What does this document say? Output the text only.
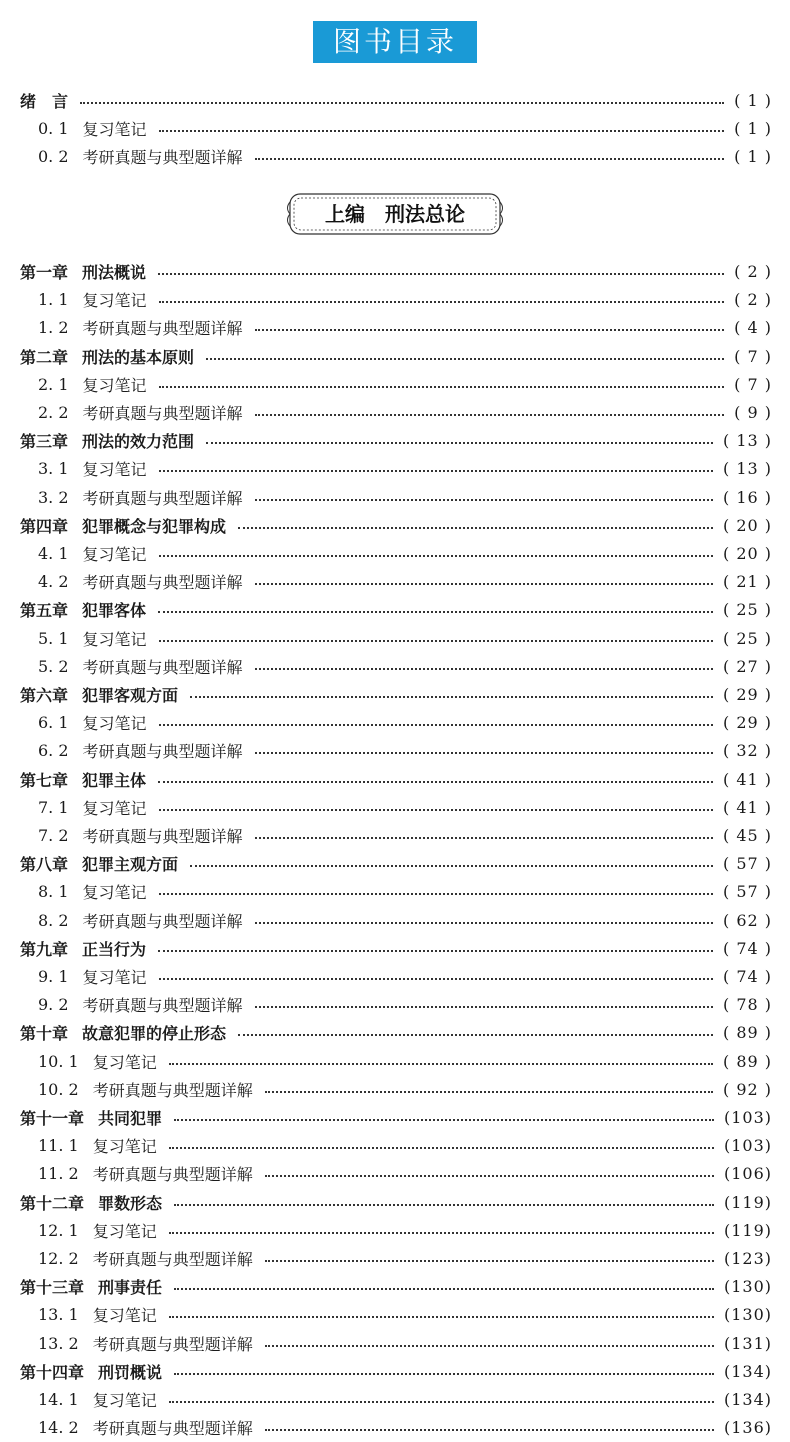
图书目录
上编　刑法总论
绪　言	( 1 )
0. 1 复习笔记	( 1 )
0. 2 考研真题与典型题详解	( 1 )
第一章 刑法概说	( 2 )
1. 1 复习笔记	( 2 )
1. 2 考研真题与典型题详解	( 4 )
第二章 刑法的基本原则	( 7 )
2. 1 复习笔记	( 7 )
2. 2 考研真题与典型题详解	( 9 )
第三章 刑法的效力范围	( 13 )
3. 1 复习笔记	( 13 )
3. 2 考研真题与典型题详解	( 16 )
第四章 犯罪概念与犯罪构成	( 20 )
4. 1 复习笔记	( 20 )
4. 2 考研真题与典型题详解	( 21 )
第五章 犯罪客体	( 25 )
5. 1 复习笔记	( 25 )
5. 2 考研真题与典型题详解	( 27 )
第六章 犯罪客观方面	( 29 )
6. 1 复习笔记	( 29 )
6. 2 考研真题与典型题详解	( 32 )
第七章 犯罪主体	( 41 )
7. 1 复习笔记	( 41 )
7. 2 考研真题与典型题详解	( 45 )
第八章 犯罪主观方面	( 57 )
8. 1 复习笔记	( 57 )
8. 2 考研真题与典型题详解	( 62 )
第九章 正当行为	( 74 )
9. 1 复习笔记	( 74 )
9. 2 考研真题与典型题详解	( 78 )
第十章 故意犯罪的停止形态	( 89 )
10. 1 复习笔记	( 89 )
10. 2 考研真题与典型题详解	( 92 )
第十一章 共同犯罪	(103)
11. 1 复习笔记	(103)
11. 2 考研真题与典型题详解	(106)
第十二章 罪数形态	(119)
12. 1 复习笔记	(119)
12. 2 考研真题与典型题详解	(123)
第十三章 刑事责任	(130)
13. 1 复习笔记	(130)
13. 2 考研真题与典型题详解	(131)
第十四章 刑罚概说	(134)
14. 1 复习笔记	(134)
14. 2 考研真题与典型题详解	(136)
